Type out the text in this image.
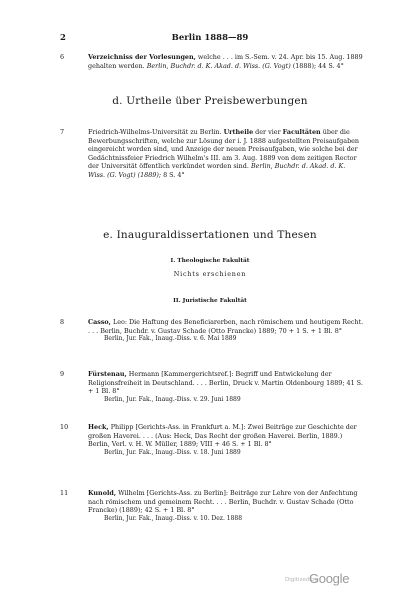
2	Berlin 1888—89
6	Verzeichniss der Vorlesungen, welche . . . im S.-Sem. v. 24. Apr. bis 15. Aug. 1889 gehalten werden. Berlin, Buchdr. d. K. Akad. d. Wiss. (G. Vogt) (1888); 44 S. 4°
d. Urtheile über Preisbewerbungen
7	Friedrich-Wilhelms-Universität zu Berlin. Urtheile der vier Facultäten über die Bewerbungsschriften, welche zur Lösung der i. J. 1888 aufgestellten Preisaufgaben eingereicht worden sind, und Anzeige der neuen Preisaufgaben, wie solche bei der Gedächtnissfeier Friedrich Wilhelm's III. am 3. Aug. 1889 von dem zeitigen Rector der Universität öffentlich verkündet worden sind. Berlin, Buchdr. d. Akad. d. K. Wiss. (G. Vogt) (1889); 8 S. 4°
e. Inauguraldissertationen und Thesen
I. Theologische Fakultät
Nichts erschienen
II. Juristische Fakultät
8	Casso, Leo: Die Haftung des Beneficiarerben, nach römischem und heutigem Recht. . . . Berlin, Buchdr. v. Gustav Schade (Otto Francke) 1889; 70 + 1 S. + 1 Bl. 8°
Berlin, Jur. Fak., Inaug.-Diss. v. 6. Mai 1889
9	Fürstenau, Hermann [Kammergerichtsref.]: Begriff und Entwickelung der Religionsfreiheit in Deutschland. . . . Berlin, Druck v. Martin Oldenbourg 1889; 41 S. + 1 Bl. 8°
Berlin, Jur. Fak., Inaug.-Diss. v. 29. Juni 1889
10	Heck, Philipp [Gerichts-Ass. in Frankfurt a. M.]: Zwei Beiträge zur Geschichte der großen Haverei. . . . (Aus: Heck, Das Recht der großen Haverei. Berlin, 1889.) Berlin, Verl. v. H. W. Müller, 1889; VIII + 46 S. + 1 Bl. 8°
Berlin, Jur. Fak., Inaug.-Diss. v. 18. Juni 1889
11	Kunold, Wilhelm [Gerichts-Ass. zu Berlin]: Beiträge zur Lehre von der Anfechtung nach römischem und gemeinem Recht. . . . Berlin, Buchdr. v. Gustav Schade (Otto Francke) (1889); 42 S. + 1 Bl. 8°
Berlin, Jur. Fak., Inaug.-Diss. v. 10. Dez. 1888
Digitized by
Google
